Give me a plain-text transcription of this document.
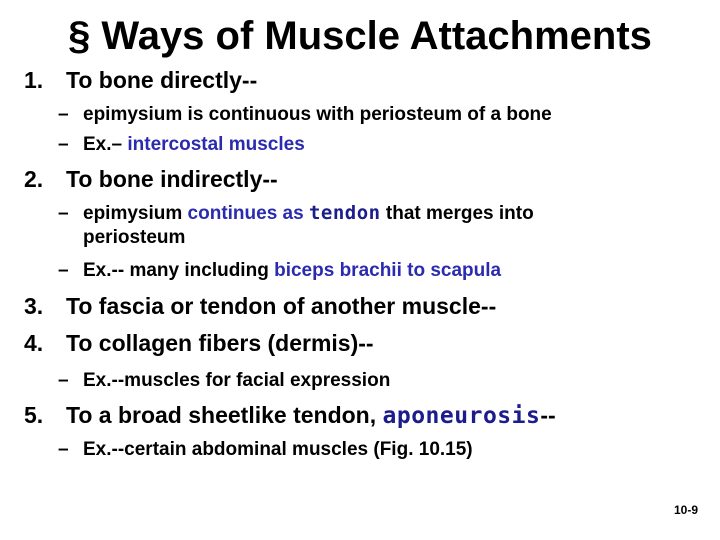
§ Ways of Muscle Attachments
1. To bone directly--
– epimysium is continuous with periosteum of a bone
– Ex.– intercostal muscles
2. To bone indirectly--
– epimysium continues as tendon that merges into
periosteum
– Ex.-- many including biceps brachii to scapula
3. To fascia or tendon of another muscle--
4. To collagen fibers (dermis)--
– Ex.--muscles for facial expression
5. To a broad sheetlike tendon, aponeurosis--
– Ex.--certain abdominal muscles (Fig. 10.15)
10-9
